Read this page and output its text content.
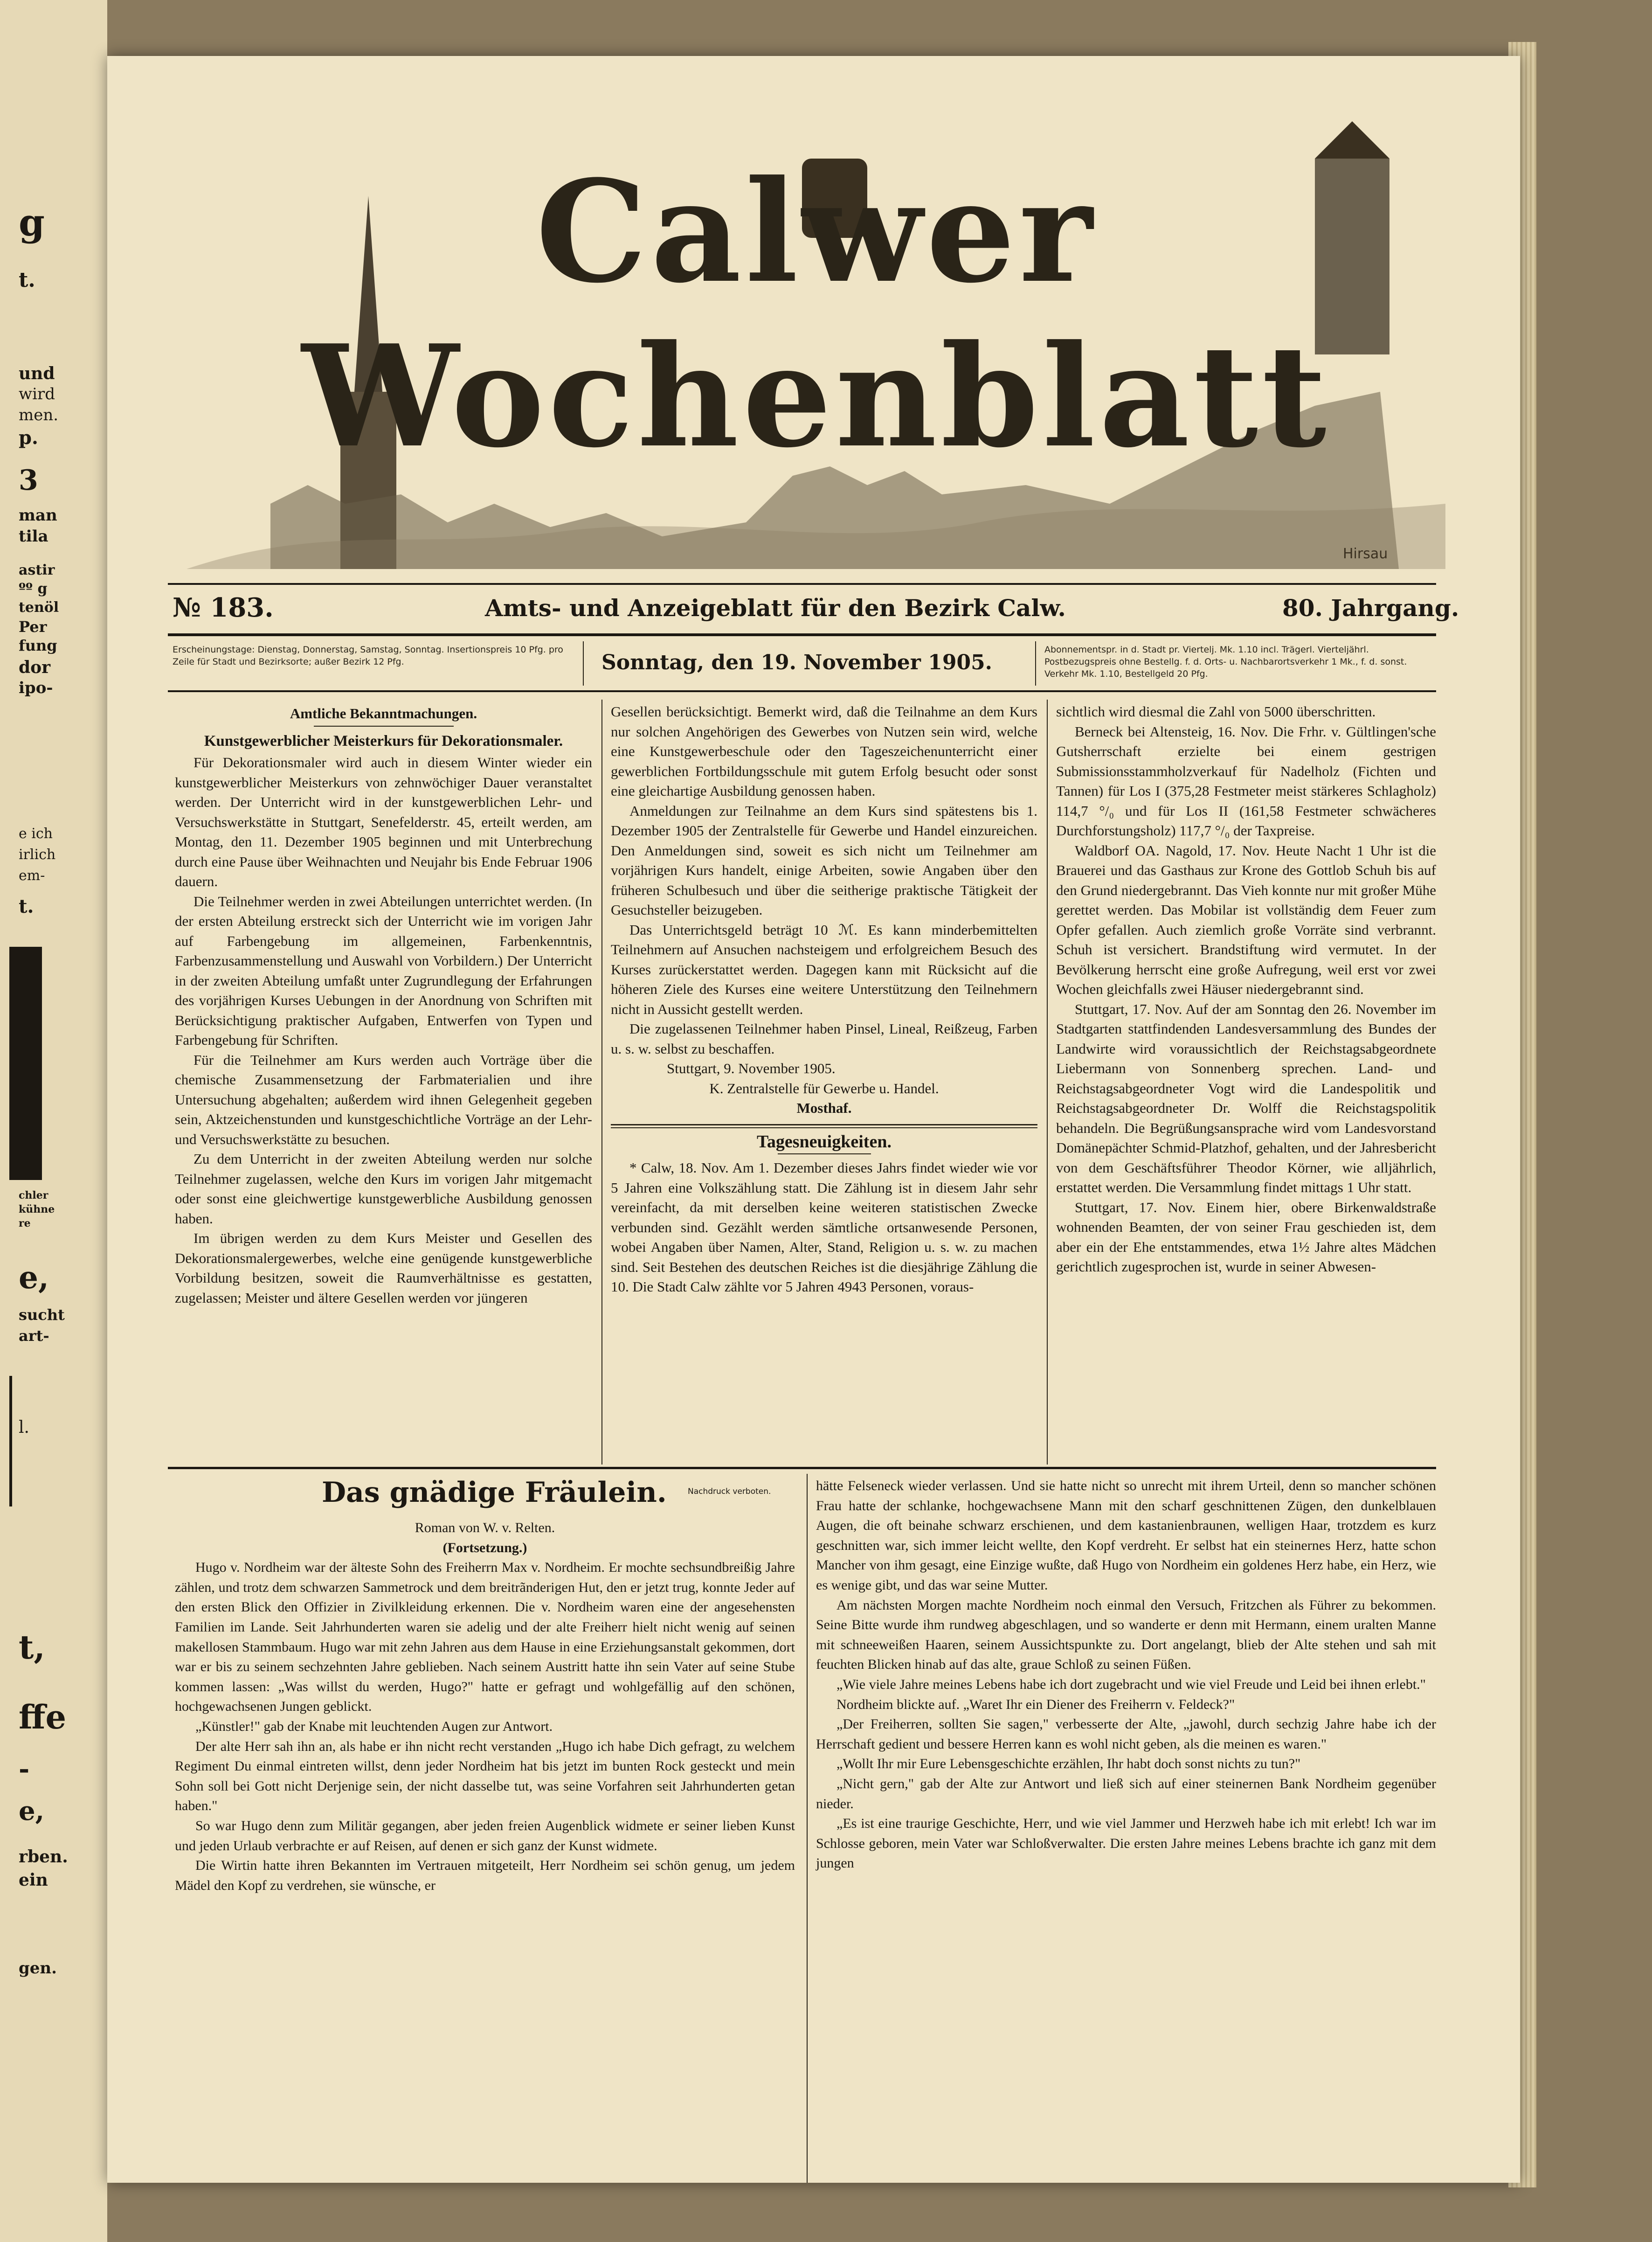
g
t.
und
wird
men.
p.
3
man
tila
astir
ºº g
tenöl
Per
fung
dor
ipo-
e ich
irlich
em-
t.
chler
kühne
re
e,
sucht
art-
l.
t,
ffe
-
e,
rben.
ein
gen.
Calwer Wochenblatt
Hirsau
№ 183.	Amts- und Anzeigeblatt für den Bezirk Calw.	80. Jahrgang.
Erscheinungstage: Dienstag, Donnerstag, Samstag, Sonntag. Insertionspreis 10 Pfg. pro Zeile für Stadt und Bezirksorte; außer Bezirk 12 Pfg.	Sonntag, den 19. November 1905.
Abonnementspr. in d. Stadt pr. Viertelj. Mk. 1.10 incl. Trägerl. Vierteljährl. Postbezugspreis ohne Bestellg. f. d. Orts- u. Nachbarortsverkehr 1 Mk., f. d. sonst. Verkehr Mk. 1.10, Bestellgeld 20 Pfg.
Amtliche Bekanntmachungen.
Kunstgewerblicher Meisterkurs für Dekorationsmaler.

Für Dekorationsmaler wird auch in diesem Winter wieder ein kunstgewerblicher Meisterkurs von zehnwöchiger Dauer veranstaltet werden. Der Unterricht wird in der kunstgewerblichen Lehr- und Versuchswerkstätte in Stuttgart, Senefelderstr. 45, erteilt werden, am Montag, den 11. Dezember 1905 beginnen und mit Unterbrechung durch eine Pause über Weihnachten und Neujahr bis Ende Februar 1906 dauern.

Die Teilnehmer werden in zwei Abteilungen unterrichtet werden. (In der ersten Abteilung erstreckt sich der Unterricht wie im vorigen Jahr auf Farbengebung im allgemeinen, Farbenkenntnis, Farbenzusammenstellung und Auswahl von Vorbildern.) Der Unterricht in der zweiten Abteilung umfaßt unter Zugrundlegung der Erfahrungen des vorjährigen Kurses Uebungen in der Anordnung von Schriften mit Berücksichtigung praktischer Aufgaben, Entwerfen von Typen und Farbengebung für Schriften.

Für die Teilnehmer am Kurs werden auch Vorträge über die chemische Zusammensetzung der Farbmaterialien und ihre Untersuchung abgehalten; außerdem wird ihnen Gelegenheit gegeben sein, Aktzeichenstunden und kunstgeschichtliche Vorträge an der Lehr- und Versuchswerkstätte zu besuchen.

Zu dem Unterricht in der zweiten Abteilung werden nur solche Teilnehmer zugelassen, welche den Kurs im vorigen Jahr mitgemacht oder sonst eine gleichwertige kunstgewerbliche Ausbildung genossen haben.

Im übrigen werden zu dem Kurs Meister und Gesellen des Dekorationsmalergewerbes, welche eine genügende kunstgewerbliche Vorbildung besitzen, soweit die Raumverhältnisse es gestatten, zugelassen; Meister und ältere Gesellen werden vor jüngeren

Gesellen berücksichtigt. Bemerkt wird, daß die Teilnahme an dem Kurs nur solchen Angehörigen des Gewerbes von Nutzen sein wird, welche eine Kunstgewerbeschule oder den Tageszeichenunterricht einer gewerblichen Fortbildungsschule mit gutem Erfolg besucht oder sonst eine gleichartige Ausbildung genossen haben.

Anmeldungen zur Teilnahme an dem Kurs sind spätestens bis 1. Dezember 1905 der Zentralstelle für Gewerbe und Handel einzureichen. Den Anmeldungen sind, soweit es sich nicht um Teilnehmer am vorjährigen Kurs handelt, einige Arbeiten, sowie Angaben über den früheren Schulbesuch und über die seitherige praktische Tätigkeit der Gesuchsteller beizugeben.

Das Unterrichtsgeld beträgt 10 ℳ. Es kann minderbemittelten Teilnehmern auf Ansuchen nachsteigem und erfolgreichem Besuch des Kurses zurückerstattet werden. Dagegen kann mit Rücksicht auf die höheren Ziele des Kurses eine weitere Unterstützung den Teilnehmern nicht in Aussicht gestellt werden.

Die zugelassenen Teilnehmer haben Pinsel, Lineal, Reißzeug, Farben u. s. w. selbst zu beschaffen.

Stuttgart, 9. November 1905.

K. Zentralstelle für Gewerbe u. Handel.

Mosthaf.

Tagesneuigkeiten.

* Calw, 18. Nov. Am 1. Dezember dieses Jahrs findet wieder wie vor 5 Jahren eine Volkszählung statt. Die Zählung ist in diesem Jahr sehr vereinfacht, da mit derselben keine weiteren statistischen Zwecke verbunden sind. Gezählt werden sämtliche ortsanwesende Personen, wobei Angaben über Namen, Alter, Stand, Religion u. s. w. zu machen sind. Seit Bestehen des deutschen Reiches ist die diesjährige Zählung die 10. Die Stadt Calw zählte vor 5 Jahren 4943 Personen, voraus-

sichtlich wird diesmal die Zahl von 5000 überschritten.

Berneck bei Altensteig, 16. Nov. Die Frhr. v. Gültlingen'sche Gutsherrschaft erzielte bei einem gestrigen Submissionsstammholzverkauf für Nadelholz (Fichten und Tannen) für Los I (375,28 Festmeter meist stärkeres Schlagholz) 114,7 °/₀ und für Los II (161,58 Festmeter schwächeres Durchforstungsholz) 117,7 °/₀ der Taxpreise.

Waldborf OA. Nagold, 17. Nov. Heute Nacht 1 Uhr ist die Brauerei und das Gasthaus zur Krone des Gottlob Schuh bis auf den Grund niedergebrannt. Das Vieh konnte nur mit großer Mühe gerettet werden. Das Mobilar ist vollständig dem Feuer zum Opfer gefallen. Auch ziemlich große Vorräte sind verbrannt. Schuh ist versichert. Brandstiftung wird vermutet. In der Bevölkerung herrscht eine große Aufregung, weil erst vor zwei Wochen gleichfalls zwei Häuser niedergebrannt sind.

Stuttgart, 17. Nov. Auf der am Sonntag den 26. November im Stadtgarten stattfindenden Landesversammlung des Bundes der Landwirte wird voraussichtlich der Reichstagsabgeordnete Liebermann von Sonnenberg sprechen. Land- und Reichstagsabgeordneter Vogt wird die Landespolitik und Reichstagsabgeordneter Dr. Wolff die Reichstagspolitik behandeln. Die Begrüßungsansprache wird vom Landesvorstand Domänepächter Schmid-Platzhof, gehalten, und der Jahresbericht von dem Geschäftsführer Theodor Körner, wie alljährlich, erstattet werden. Die Versammlung findet mittags 1 Uhr statt.

Stuttgart, 17. Nov. Einem hier, obere Birkenwaldstraße wohnenden Beamten, der von seiner Frau geschieden ist, dem aber ein der Ehe entstammendes, etwa 1½ Jahre altes Mädchen gerichtlich zugesprochen ist, wurde in seiner Abwesen-

Das gnädige Fräulein.	Nachdruck verboten.

Roman von W. v. Relten.

(Fortsetzung.)

Hugo v. Nordheim war der älteste Sohn des Freiherrn Max v. Nordheim. Er mochte sechsundbreißig Jahre zählen, und trotz dem schwarzen Sammetrock und dem breitrãnderigen Hut, den er jetzt trug, konnte Jeder auf den ersten Blick den Offizier in Zivilkleidung erkennen. Die v. Nordheim waren eine der angesehensten Familien im Lande. Seit Jahrhunderten waren sie adelig und der alte Freiherr hielt nicht wenig auf seinen makellosen Stammbaum. Hugo war mit zehn Jahren aus dem Hause in eine Erziehungsanstalt gekommen, dort war er bis zu seinem sechzehnten Jahre geblieben. Nach seinem Austritt hatte ihn sein Vater auf seine Stube kommen lassen: „Was willst du werden, Hugo?" hatte er gefragt und wohlgefällig auf den schönen, hochgewachsenen Jungen geblickt.

„Künstler!" gab der Knabe mit leuchtenden Augen zur Antwort.

Der alte Herr sah ihn an, als habe er ihn nicht recht verstanden „Hugo ich habe Dich gefragt, zu welchem Regiment Du einmal eintreten willst, denn jeder Nordheim hat bis jetzt im bunten Rock gesteckt und mein Sohn soll bei Gott nicht Derjenige sein, der nicht dasselbe tut, was seine Vorfahren seit Jahrhunderten getan haben."

So war Hugo denn zum Militär gegangen, aber jeden freien Augenblick widmete er seiner lieben Kunst und jeden Urlaub verbrachte er auf Reisen, auf denen er sich ganz der Kunst widmete.

Die Wirtin hatte ihren Bekannten im Vertrauen mitgeteilt, Herr Nordheim sei schön genug, um jedem Mädel den Kopf zu verdrehen, sie wünsche, er

hätte Felseneck wieder verlassen. Und sie hatte nicht so unrecht mit ihrem Urteil, denn so mancher schönen Frau hatte der schlanke, hochgewachsene Mann mit den scharf geschnittenen Zügen, den dunkelblauen Augen, die oft beinahe schwarz erschienen, und dem kastanienbraunen, welligen Haar, trotzdem es kurz geschnitten war, sich immer leicht wellte, den Kopf verdreht. Er selbst hat ein steinernes Herz, hatte schon Mancher von ihm gesagt, eine Einzige wußte, daß Hugo von Nordheim ein goldenes Herz habe, ein Herz, wie es wenige gibt, und das war seine Mutter.

Am nächsten Morgen machte Nordheim noch einmal den Versuch, Fritzchen als Führer zu bekommen. Seine Bitte wurde ihm rundweg abgeschlagen, und so wanderte er denn mit Hermann, einem uralten Manne mit schneeweißen Haaren, seinem Aussichtspunkte zu. Dort angelangt, blieb der Alte stehen und sah mit feuchten Blicken hinab auf das alte, graue Schloß zu seinen Füßen.

„Wie viele Jahre meines Lebens habe ich dort zugebracht und wie viel Freude und Leid bei ihnen erlebt."

Nordheim blickte auf. „Waret Ihr ein Diener des Freiherrn v. Feldeck?"

„Der Freiherren, sollten Sie sagen," verbesserte der Alte, „jawohl, durch sechzig Jahre habe ich der Herrschaft gedient und bessere Herren kann es wohl nicht geben, als die meinen es waren."

„Wollt Ihr mir Eure Lebensgeschichte erzählen, Ihr habt doch sonst nichts zu tun?"

„Nicht gern," gab der Alte zur Antwort und ließ sich auf einer steinernen Bank Nordheim gegenüber nieder.

„Es ist eine traurige Geschichte, Herr, und wie viel Jammer und Herzweh habe ich mit erlebt! Ich war im Schlosse geboren, mein Vater war Schloßverwalter. Die ersten Jahre meines Lebens brachte ich ganz mit dem jungen
